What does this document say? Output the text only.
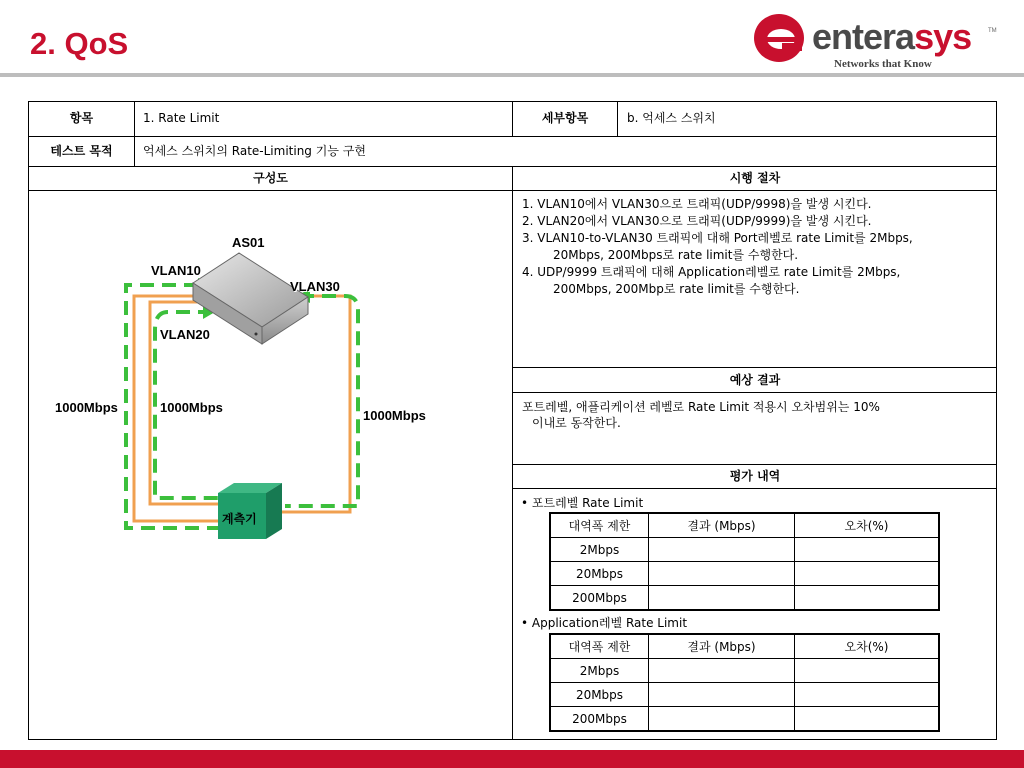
2. QoS	enterasys	TM
Networks that Know
항목	1. Rate Limit	세부항목	b. 억세스 스위치
테스트 목적	억세스 스위치의 Rate-Limiting 기능 구현
구성도	시행 절차
1. VLAN10에서 VLAN30으로 트래픽(UDP/9998)을 발생 시킨다.
2. VLAN20에서 VLAN30으로 트래픽(UDP/9999)을 발생 시킨다.
3. VLAN10-to-VLAN30 트래픽에 대해 Port레벨로 rate Limit를 2Mbps,
20Mbps, 200Mbps로 rate limit를 수행한다.
4. UDP/9999 트래픽에 대해 Application레벨로 rate Limit를 2Mbps,
200Mbps, 200Mbp로 rate limit를 수행한다.
예상 결과
포트레벨, 애플리케이션 레벨로 Rate Limit 적용시 오차범위는 10%
이내로 동작한다.
평가 내역
• 포트레벨 Rate Limit
대역폭 제한	결과 (Mbps)	오차(%)
2Mbps		
20Mbps		
200Mbps		
• Application레벨 Rate Limit
대역폭 제한	결과 (Mbps)	오차(%)
2Mbps		
20Mbps		
200Mbps		
AS01
VLAN10
VLAN30
VLAN20
1000Mbps	1000Mbps
1000Mbps
계측기
